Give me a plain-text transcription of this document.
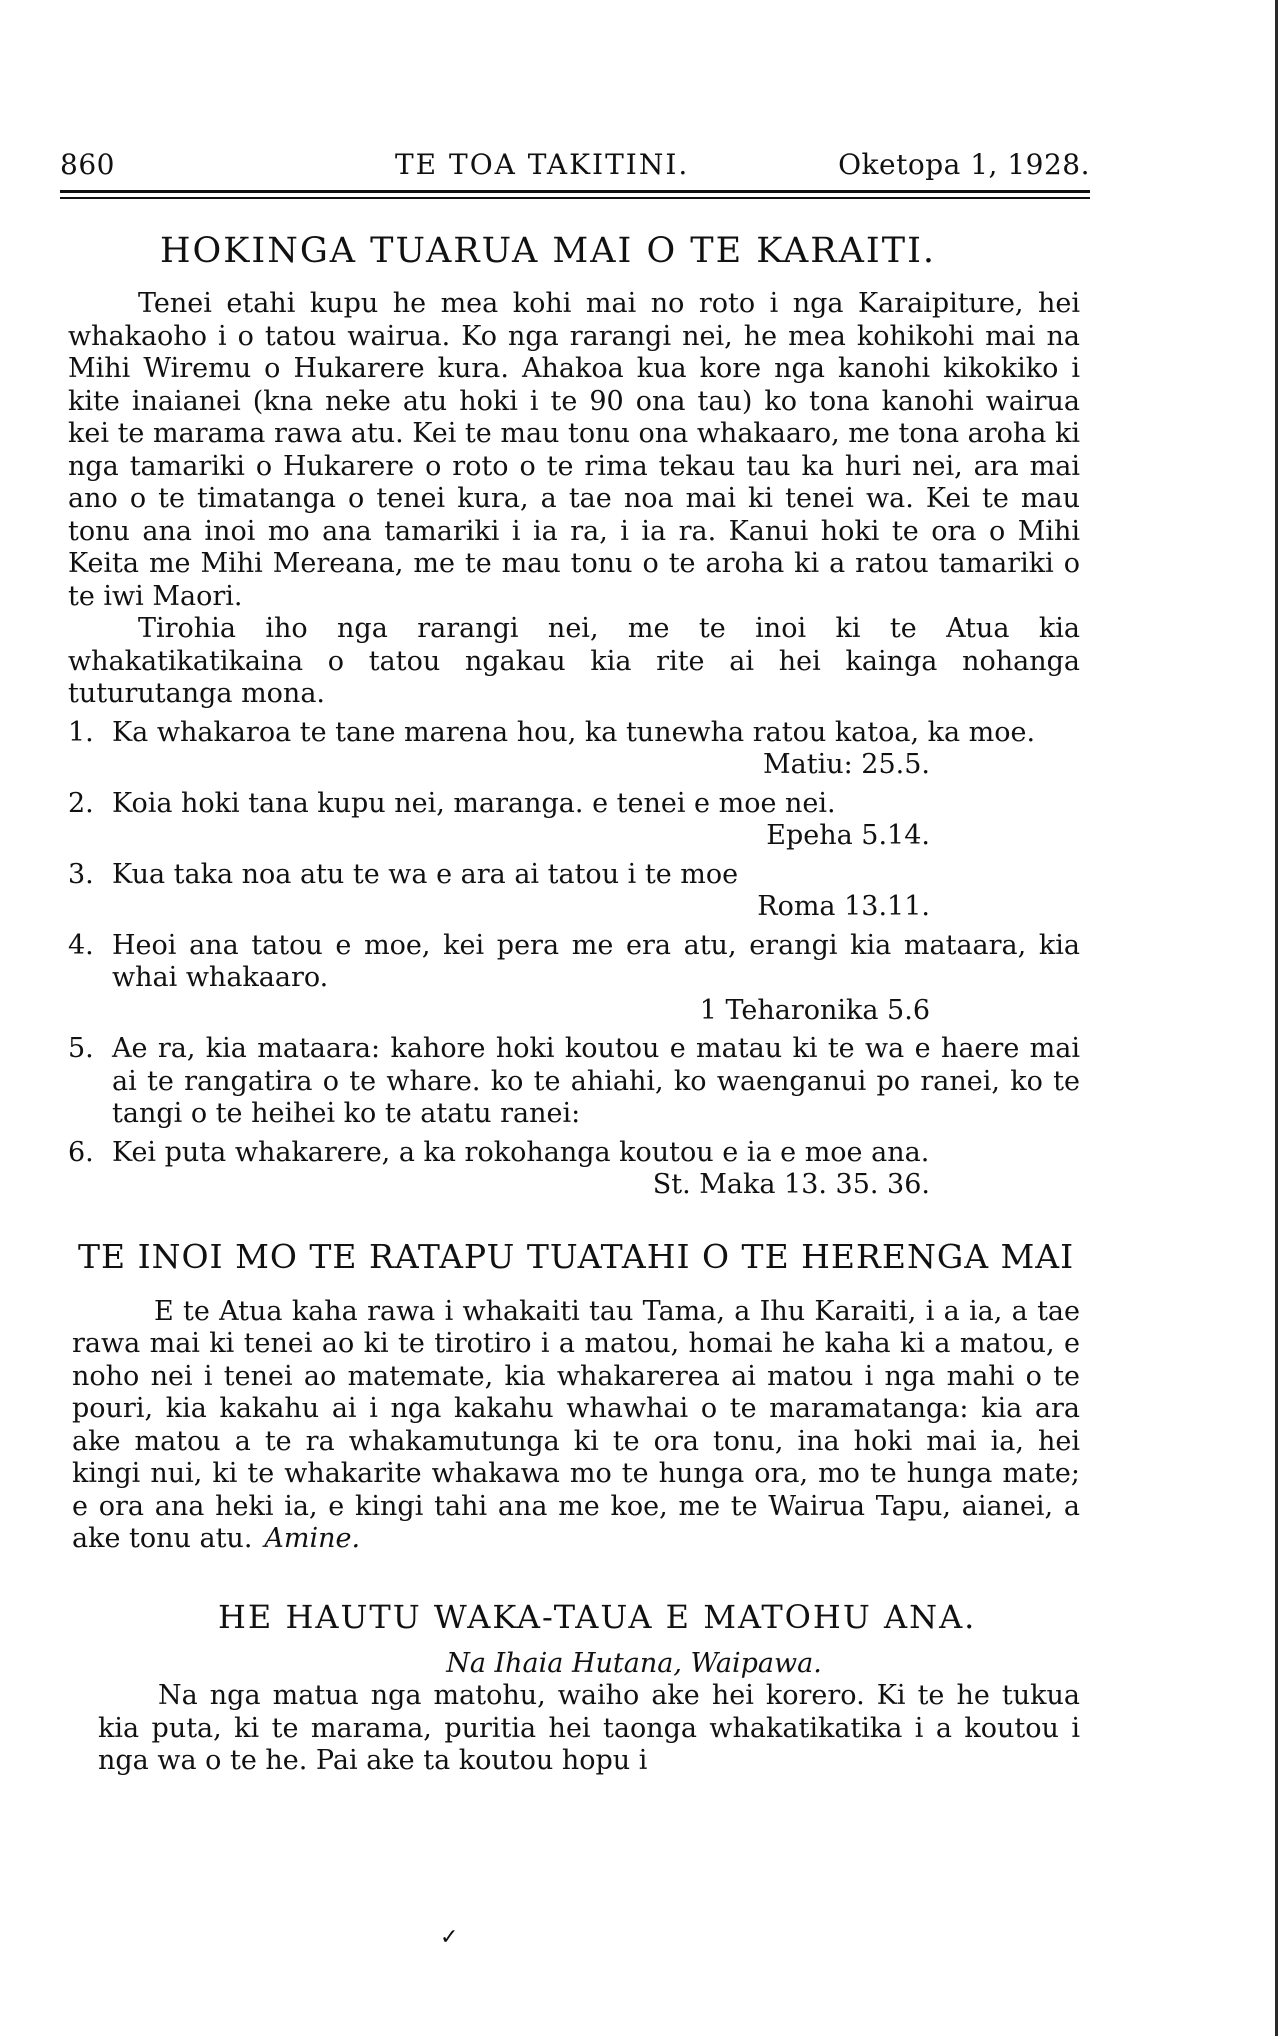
860	TE TOA TAKITINI.	Oketopa 1, 1928.
HOKINGA TUARUA MAI O TE KARAITI.

Tenei etahi kupu he mea kohi mai no roto i nga Karaipiture, hei whakaoho i o tatou wairua. Ko nga rarangi nei, he mea kohikohi mai na Mihi Wiremu o Hukarere kura. Ahakoa kua kore nga kanohi kikokiko i kite inaianei (kna neke atu hoki i te 90 ona tau) ko tona kanohi wairua kei te marama rawa atu. Kei te mau tonu ona whakaaro, me tona aroha ki nga tamariki o Hukarere o roto o te rima tekau tau ka huri nei, ara mai ano o te timatanga o tenei kura, a tae noa mai ki tenei wa. Kei te mau tonu ana inoi mo ana tamariki i ia ra, i ia ra. Kanui hoki te ora o Mihi Keita me Mihi Mereana, me te mau tonu o te aroha ki a ratou tamariki o te iwi Maori.

Tirohia iho nga rarangi nei, me te inoi ki te Atua kia whakatikatikaina o tatou ngakau kia rite ai hei kainga nohanga tuturutanga mona.

1. Ka whakaroa te tane marena hou, ka tunewha ratou katoa, ka moe.
Matiu: 25.5.
2. Koia hoki tana kupu nei, maranga. e tenei e moe nei.
Epeha 5.14.
3. Kua taka noa atu te wa e ara ai tatou i te moe
Roma 13.11.
4. Heoi ana tatou e moe, kei pera me era atu, erangi kia mataara, kia whai whakaaro.
1 Teharonika 5.6
5. Ae ra, kia mataara: kahore hoki koutou e matau ki te wa e haere mai ai te rangatira o te whare. ko te ahiahi, ko waenganui po ranei, ko te tangi o te heihei ko te atatu ranei:
6. Kei puta whakarere, a ka rokohanga koutou e ia e moe ana.
St. Maka 13. 35. 36.
TE INOI MO TE RATAPU TUATAHI O TE HERENGA MAI

E te Atua kaha rawa i whakaiti tau Tama, a Ihu Karaiti, i a ia, a tae rawa mai ki tenei ao ki te tirotiro i a matou, homai he kaha ki a matou, e noho nei i tenei ao matemate, kia whakarerea ai matou i nga mahi o te pouri, kia kakahu ai i nga kakahu whawhai o te maramatanga: kia ara ake matou a te ra whakamutunga ki te ora tonu, ina hoki mai ia, hei kingi nui, ki te whakarite whakawa mo te hunga ora, mo te hunga mate; e ora ana heki ia, e kingi tahi ana me koe, me te Wairua Tapu, aianei, a ake tonu atu. Amine.

HE HAUTU WAKA-TAUA E MATOHU ANA.

Na Ihaia Hutana, Waipawa.

Na nga matua nga matohu, waiho ake hei korero. Ki te he tukua kia puta, ki te marama, puritia hei taonga whakatikatika i a koutou i nga wa o te he. Pai ake ta koutou hopu i

✓
